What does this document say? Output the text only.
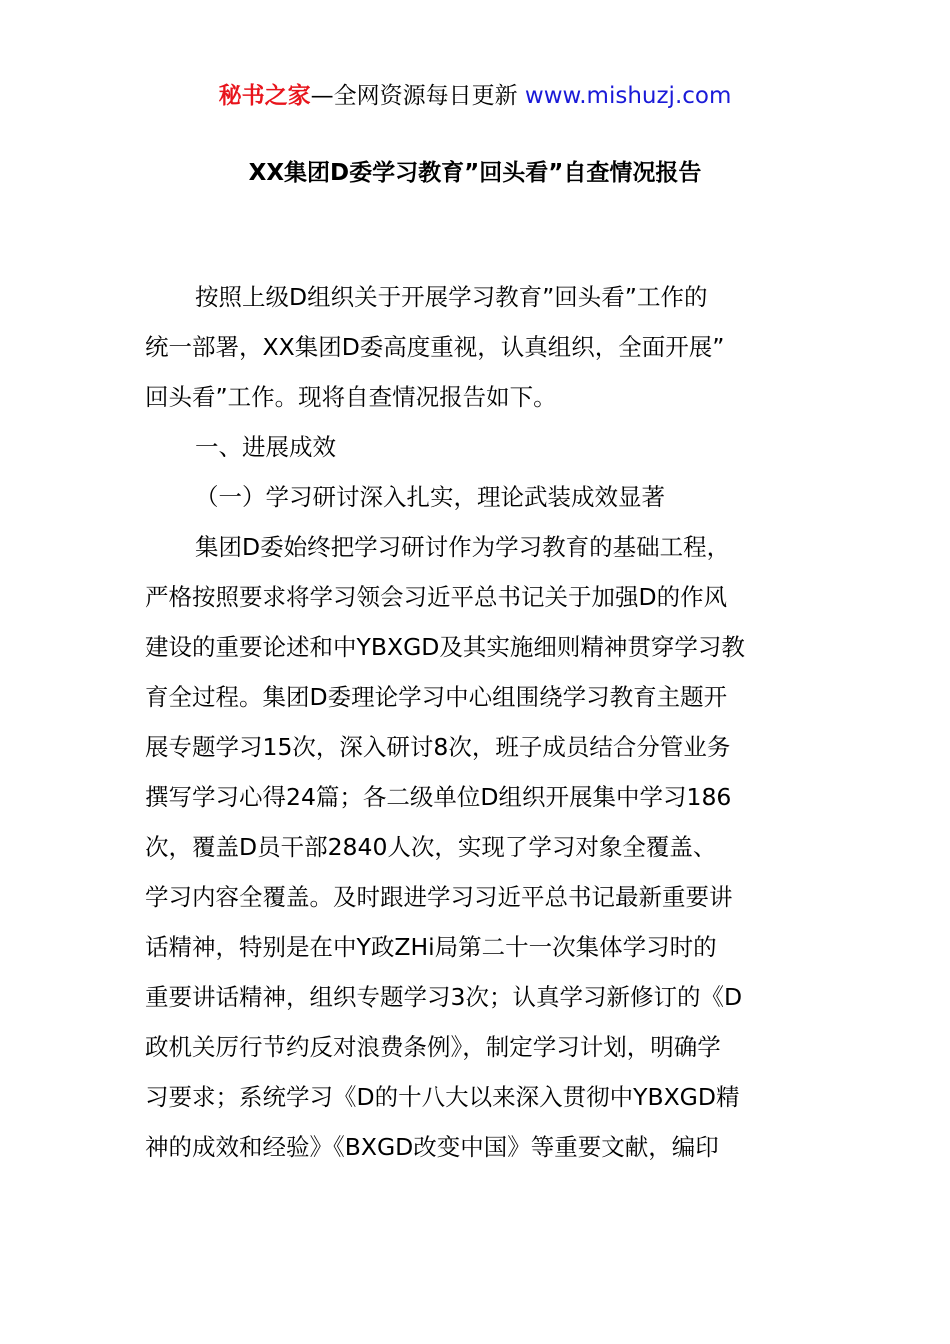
秘书之家—全网资源每日更新 www.mishuzj.com
XX集团D委学习教育”回头看”自查情况报告
按照上级D组织关于开展学习教育”回头看”工作的
统一部署，XX集团D委高度重视，认真组织，全面开展”
回头看”工作。现将自查情况报告如下。
一、进展成效
（一）学习研讨深入扎实，理论武装成效显著
集团D委始终把学习研讨作为学习教育的基础工程，
严格按照要求将学习领会习近平总书记关于加强D的作风
建设的重要论述和中YBXGD及其实施细则精神贯穿学习教
育全过程。集团D委理论学习中心组围绕学习教育主题开
展专题学习15次，深入研讨8次，班子成员结合分管业务
撰写学习心得24篇；各二级单位D组织开展集中学习186
次，覆盖D员干部2840人次，实现了学习对象全覆盖、
学习内容全覆盖。及时跟进学习习近平总书记最新重要讲
话精神，特别是在中Y政ZHi局第二十一次集体学习时的
重要讲话精神，组织专题学习3次；认真学习新修订的《D
政机关厉行节约反对浪费条例》，制定学习计划，明确学
习要求；系统学习《D的十八大以来深入贯彻中YBXGD精
神的成效和经验》《BXGD改变中国》等重要文献，编印
